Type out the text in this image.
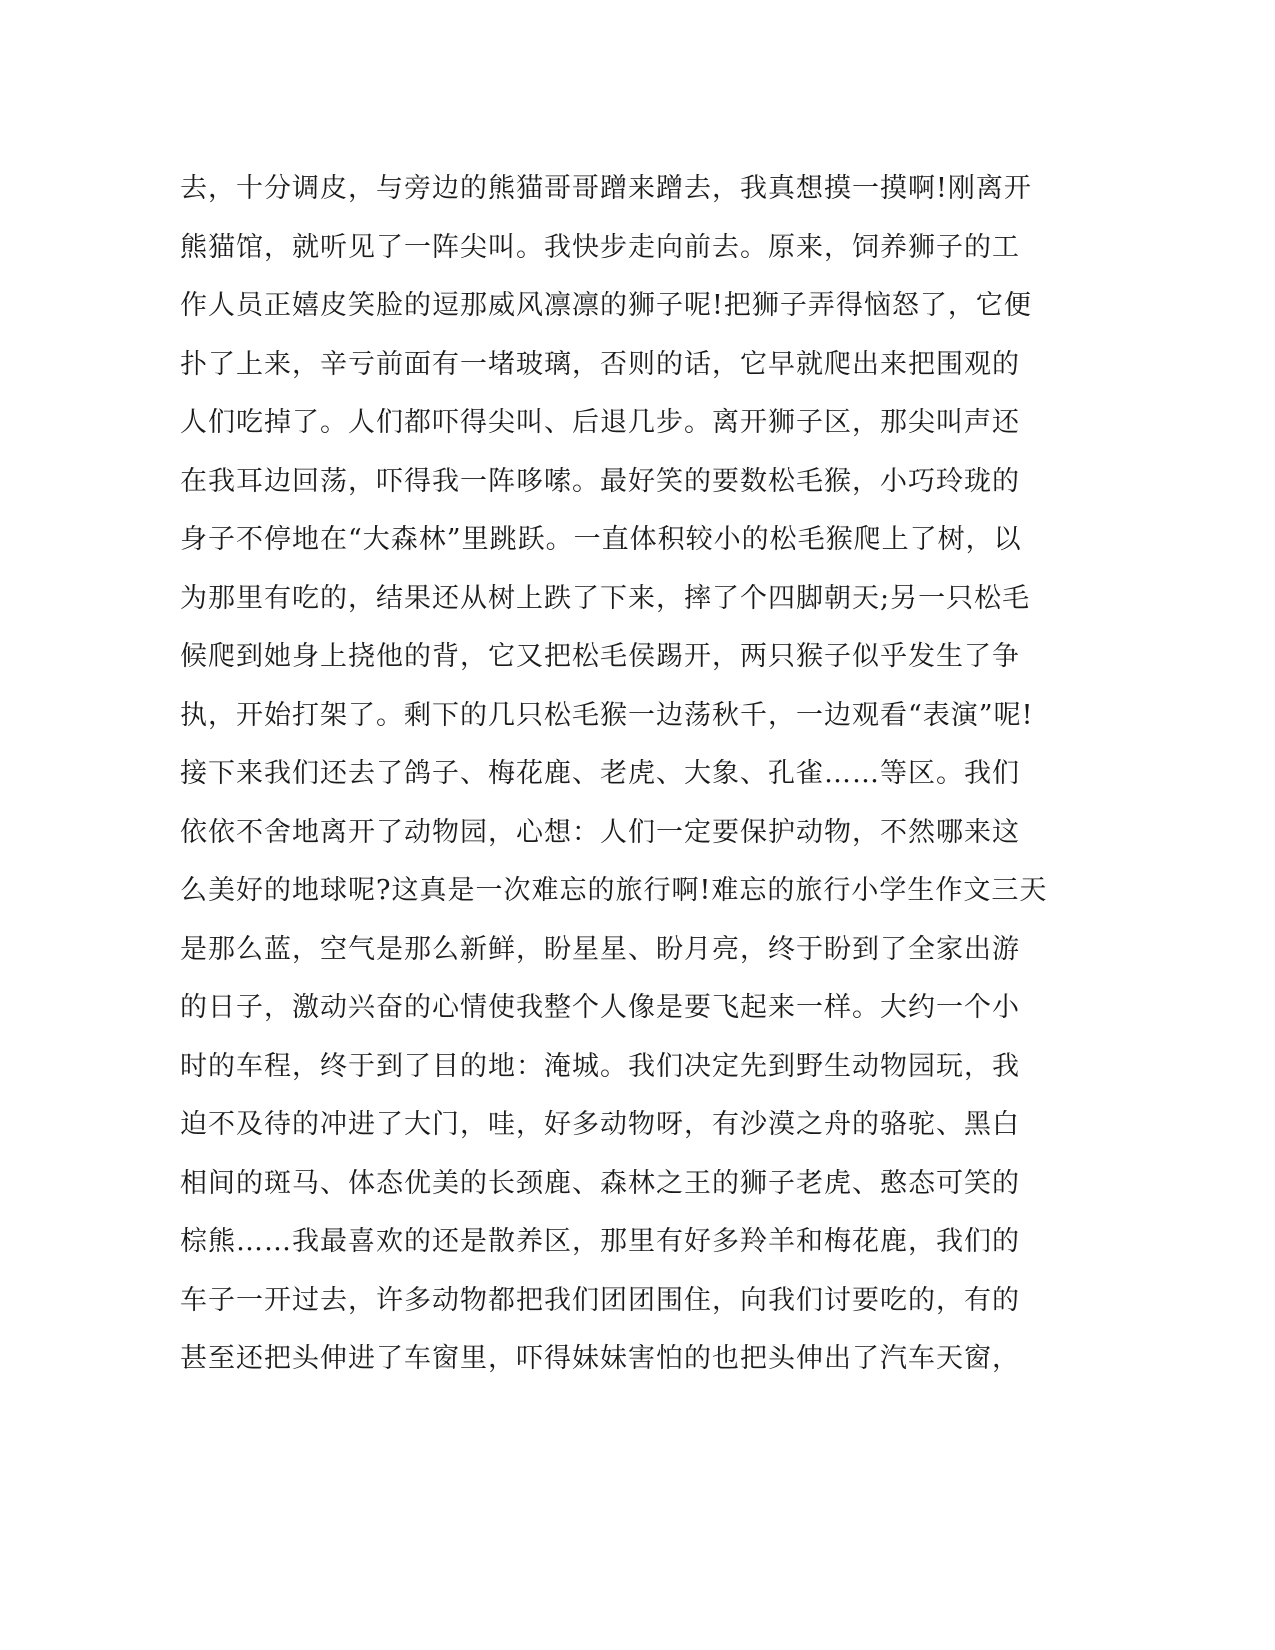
去，十分调皮，与旁边的熊猫哥哥蹭来蹭去，我真想摸一摸啊!刚离开
熊猫馆，就听见了一阵尖叫。我快步走向前去。原来，饲养狮子的工
作人员正嬉皮笑脸的逗那威风凛凛的狮子呢!把狮子弄得恼怒了，它便
扑了上来，辛亏前面有一堵玻璃，否则的话，它早就爬出来把围观的
人们吃掉了。人们都吓得尖叫、后退几步。离开狮子区，那尖叫声还
在我耳边回荡，吓得我一阵哆嗦。最好笑的要数松毛猴，小巧玲珑的
身子不停地在“大森林”里跳跃。一直体积较小的松毛猴爬上了树，以
为那里有吃的，结果还从树上跌了下来，摔了个四脚朝天;另一只松毛
候爬到她身上挠他的背，它又把松毛侯踢开，两只猴子似乎发生了争
执，开始打架了。剩下的几只松毛猴一边荡秋千，一边观看“表演”呢!
接下来我们还去了鸽子、梅花鹿、老虎、大象、孔雀……等区。我们
依依不舍地离开了动物园，心想：人们一定要保护动物，不然哪来这
么美好的地球呢?这真是一次难忘的旅行啊!难忘的旅行小学生作文三天
是那么蓝，空气是那么新鲜，盼星星、盼月亮，终于盼到了全家出游
的日子，激动兴奋的心情使我整个人像是要飞起来一样。大约一个小
时的车程，终于到了目的地：淹城。我们决定先到野生动物园玩，我
迫不及待的冲进了大门，哇，好多动物呀，有沙漠之舟的骆驼、黑白
相间的斑马、体态优美的长颈鹿、森林之王的狮子老虎、憨态可笑的
棕熊……我最喜欢的还是散养区，那里有好多羚羊和梅花鹿，我们的
车子一开过去，许多动物都把我们团团围住，向我们讨要吃的，有的
甚至还把头伸进了车窗里，吓得妹妹害怕的也把头伸出了汽车天窗，
